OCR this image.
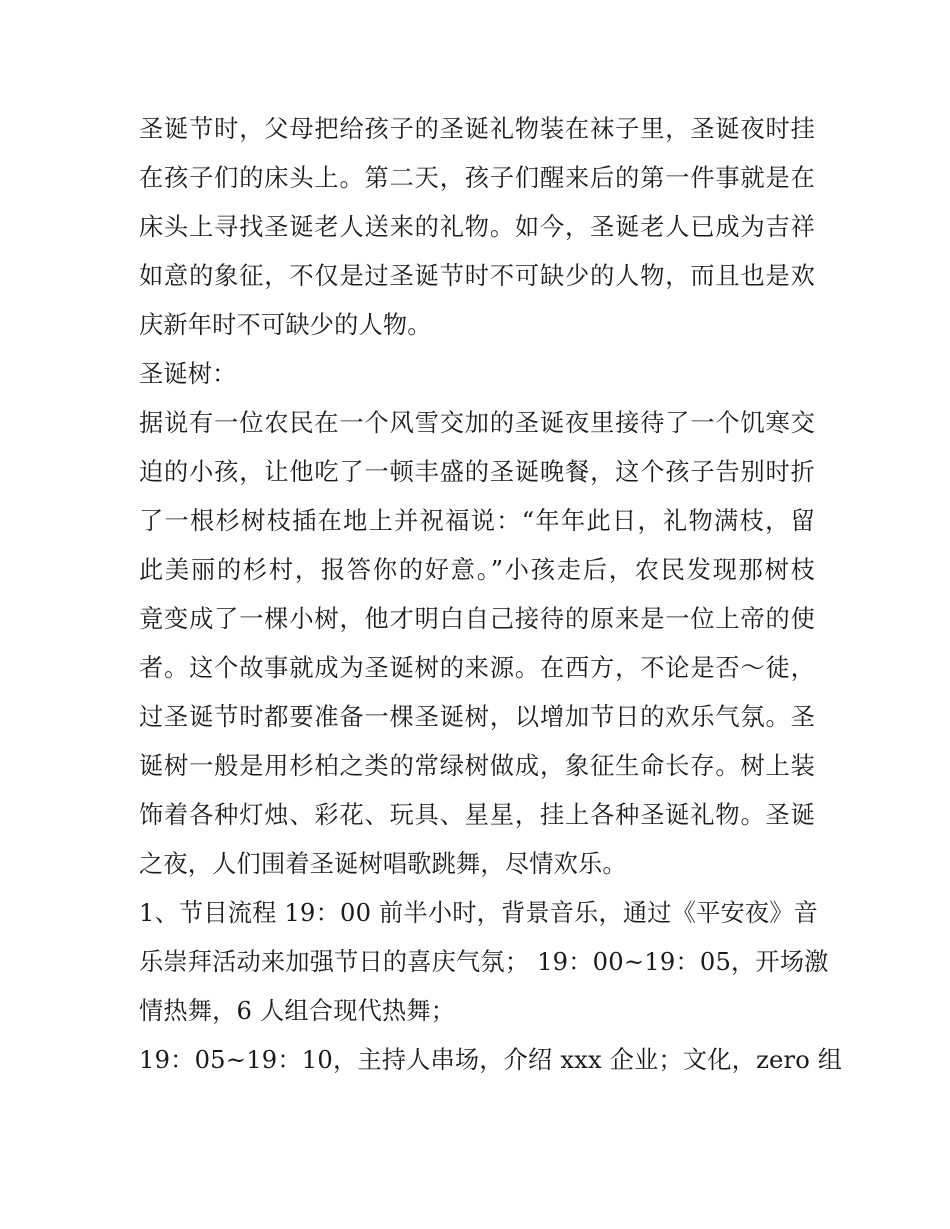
圣诞节时，父母把给孩子的圣诞礼物装在袜子里，圣诞夜时挂
在孩子们的床头上。第二天，孩子们醒来后的第一件事就是在
床头上寻找圣诞老人送来的礼物。如今，圣诞老人已成为吉祥
如意的象征，不仅是过圣诞节时不可缺少的人物，而且也是欢
庆新年时不可缺少的人物。
圣诞树：
据说有一位农民在一个风雪交加的圣诞夜里接待了一个饥寒交
迫的小孩，让他吃了一顿丰盛的圣诞晚餐，这个孩子告别时折
了一根杉树枝插在地上并祝福说：“年年此日，礼物满枝，留
此美丽的杉村，报答你的好意。”小孩走后，农民发现那树枝
竟变成了一棵小树，他才明白自己接待的原来是一位上帝的使
者。这个故事就成为圣诞树的来源。在西方，不论是否～徒，
过圣诞节时都要准备一棵圣诞树，以增加节日的欢乐气氛。圣
诞树一般是用杉柏之类的常绿树做成，象征生命长存。树上装
饰着各种灯烛、彩花、玩具、星星，挂上各种圣诞礼物。圣诞
之夜，人们围着圣诞树唱歌跳舞，尽情欢乐。
1、节目流程 19：00 前半小时，背景音乐，通过《平安夜》音
乐崇拜活动来加强节日的喜庆气氛； 19：00~19：05，开场激
情热舞，6 人组合现代热舞；
19：05~19：10，主持人串场，介绍 xxx 企业；文化，zero 组
